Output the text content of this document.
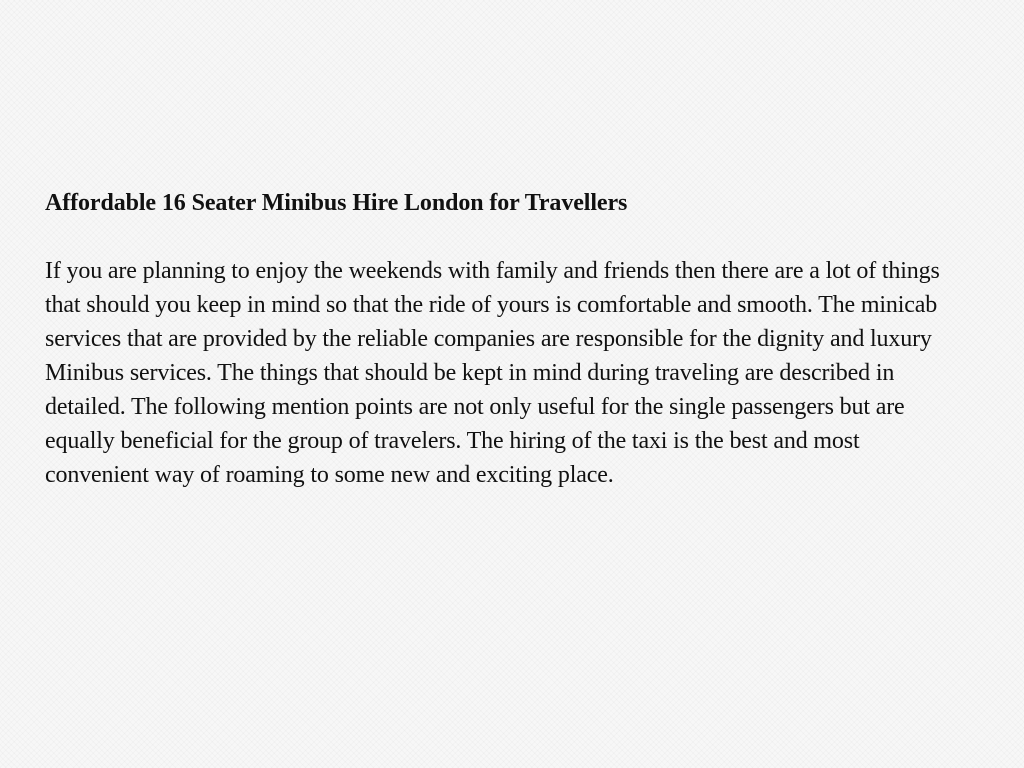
Affordable 16 Seater Minibus Hire London for Travellers

If you are planning to enjoy the weekends with family and friends then there are a lot of things that should you keep in mind so that the ride of yours is comfortable and smooth. The minicab services that are provided by the reliable companies are responsible for the dignity and luxury Minibus services. The things that should be kept in mind during traveling are described in detailed. The following mention points are not only useful for the single passengers but are equally beneficial for the group of travelers. The hiring of the taxi is the best and most convenient way of roaming to some new and exciting place.
